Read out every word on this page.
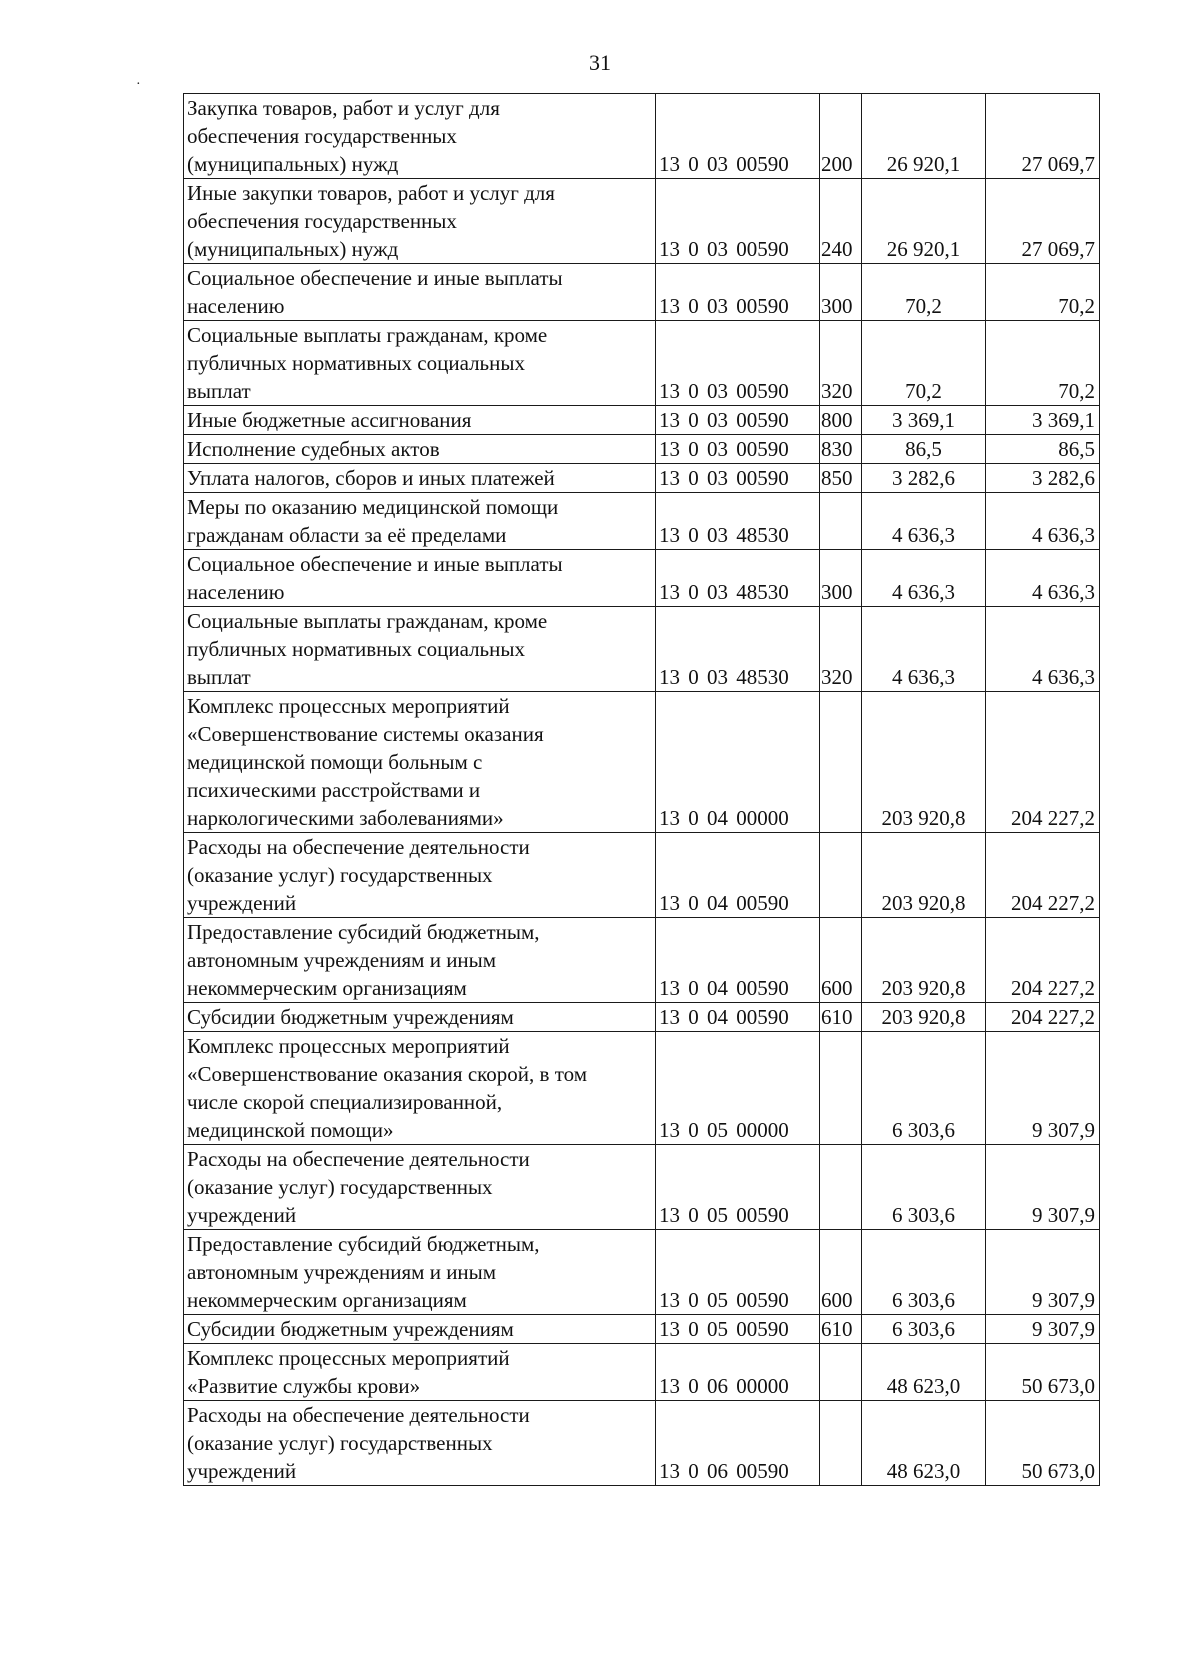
31
·
Закупка товаров, работ и услуг для
обеспечения государственных
(муниципальных) нужд	13 0 03 00590	200	26 920,1	27 069,7

Иные закупки товаров, работ и услуг для
обеспечения государственных
(муниципальных) нужд	13 0 03 00590	240	26 920,1	27 069,7

Социальное обеспечение и иные выплаты
населению	13 0 03 00590	300	70,2	70,2

Социальные выплаты гражданам, кроме
публичных нормативных социальных
выплат	13 0 03 00590	320	70,2	70,2

Иные бюджетные ассигнования	13 0 03 00590	800	3 369,1	3 369,1

Исполнение судебных актов	13 0 03 00590	830	86,5	86,5

Уплата налогов, сборов и иных платежей	13 0 03 00590	850	3 282,6	3 282,6

Меры по оказанию медицинской помощи
гражданам области за её пределами	13 0 03 48530		4 636,3	4 636,3

Социальное обеспечение и иные выплаты
населению	13 0 03 48530	300	4 636,3	4 636,3

Социальные выплаты гражданам, кроме
публичных нормативных социальных
выплат	13 0 03 48530	320	4 636,3	4 636,3

Комплекс процессных мероприятий
«Совершенствование системы оказания
медицинской помощи больным с
психическими расстройствами и
наркологическими заболеваниями»	13 0 04 00000		203 920,8	204 227,2

Расходы на обеспечение деятельности
(оказание услуг) государственных
учреждений	13 0 04 00590		203 920,8	204 227,2

Предоставление субсидий бюджетным,
автономным учреждениям и иным
некоммерческим организациям	13 0 04 00590	600	203 920,8	204 227,2

Субсидии бюджетным учреждениям	13 0 04 00590	610	203 920,8	204 227,2

Комплекс процессных мероприятий
«Совершенствование оказания скорой, в том
числе скорой специализированной,
медицинской помощи»	13 0 05 00000		6 303,6	9 307,9

Расходы на обеспечение деятельности
(оказание услуг) государственных
учреждений	13 0 05 00590		6 303,6	9 307,9

Предоставление субсидий бюджетным,
автономным учреждениям и иным
некоммерческим организациям	13 0 05 00590	600	6 303,6	9 307,9

Субсидии бюджетным учреждениям	13 0 05 00590	610	6 303,6	9 307,9

Комплекс процессных мероприятий
«Развитие службы крови»	13 0 06 00000		48 623,0	50 673,0

Расходы на обеспечение деятельности
(оказание услуг) государственных
учреждений	13 0 06 00590		48 623,0	50 673,0
